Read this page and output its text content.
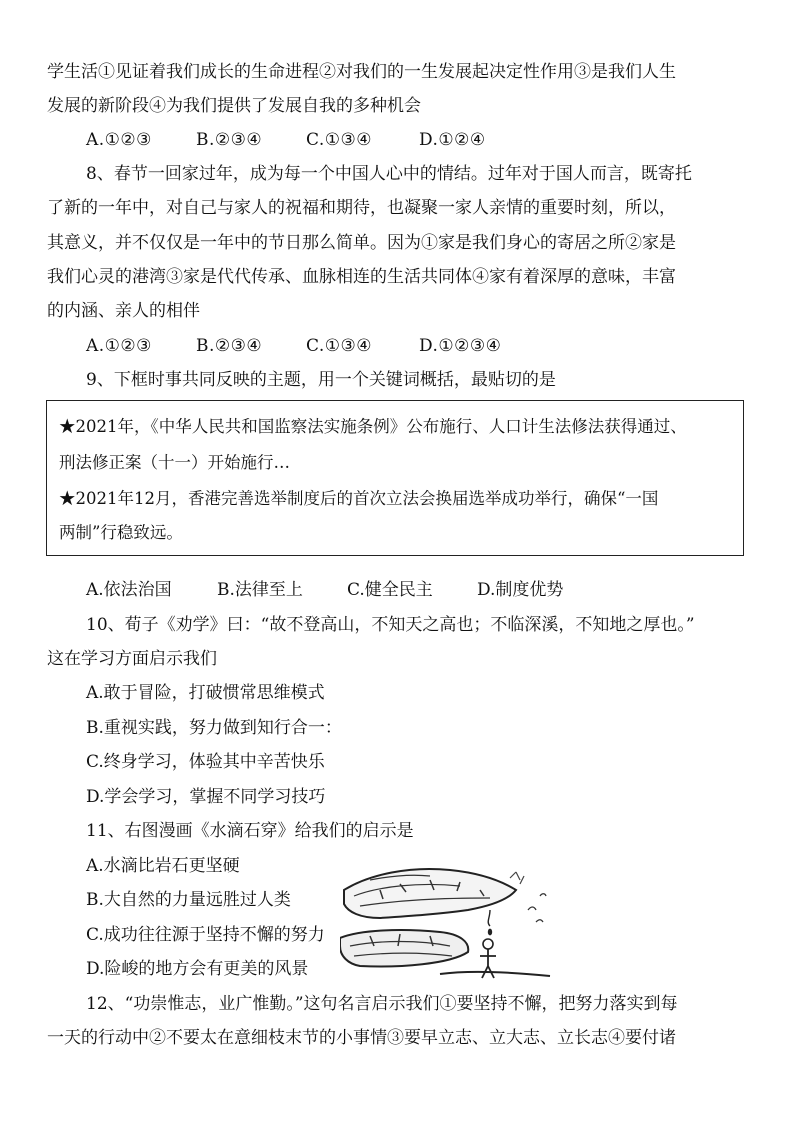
学生活①见证着我们成长的生命进程②对我们的一生发展起决定性作用③是我们人生
发展的新阶段④为我们提供了发展自我的多种机会
A.①②③	B.②③④	C.①③④	D.①②④
8、春节一回家过年，成为每一个中国人心中的情结。过年对于国人而言，既寄托
了新的一年中，对自己与家人的祝福和期待，也凝聚一家人亲情的重要时刻，所以，
其意义，并不仅仅是一年中的节日那么简单。因为①家是我们身心的寄居之所②家是
我们心灵的港湾③家是代代传承、血脉相连的生活共同体④家有着深厚的意味，丰富
的内涵、亲人的相伴
A.①②③	B.②③④	C.①③④	D.①②③④
9、下框时事共同反映的主题，用一个关键词概括，最贴切的是
★2021年，《中华人民共和国监察法实施条例》公布施行、人口计生法修法获得通过、
刑法修正案（十一）开始施行…
★2021年12月，香港完善选举制度后的首次立法会换届选举成功举行，确保“一国
两制”行稳致远。
A.依法治国	B.法律至上	C.健全民主	D.制度优势
10、荀子《劝学》曰：“故不登高山，不知天之高也；不临深溪，不知地之厚也。”
这在学习方面启示我们
A.敢于冒险，打破惯常思维模式
B.重视实践，努力做到知行合一：
C.终身学习，体验其中辛苦快乐
D.学会学习，掌握不同学习技巧
11、右图漫画《水滴石穿》给我们的启示是
A.水滴比岩石更坚硬
B.大自然的力量远胜过人类
C.成功往往源于坚持不懈的努力
D.险峻的地方会有更美的风景
12、“功崇惟志，业广惟勤。”这句名言启示我们①要坚持不懈，把努力落实到每
一天的行动中②不要太在意细枝末节的小事情③要早立志、立大志、立长志④要付诸
